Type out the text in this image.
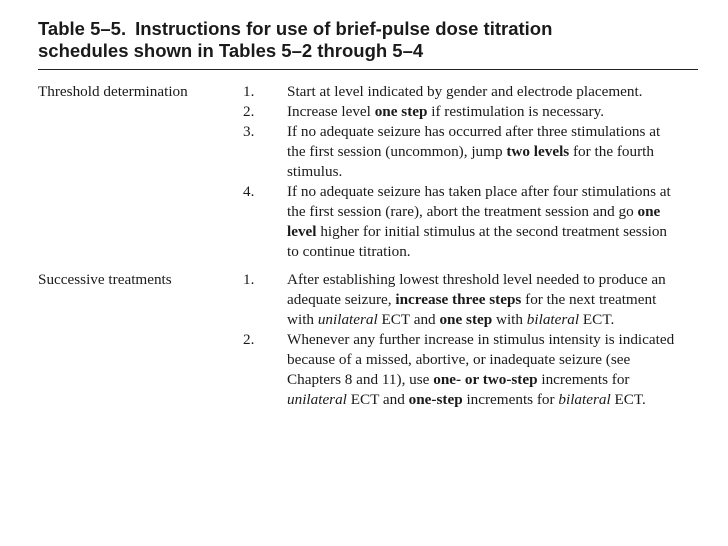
Table 5–5. Instructions for use of brief-pulse dose titration
schedules shown in Tables 5–2 through 5–4
Threshold determination	1.	Start at level indicated by gender and electrode placement.
2.	Increase level one step if restimulation is necessary.
3.	If no adequate seizure has occurred after three stimulations at the first session (uncommon), jump two levels for the fourth stimulus.
4.	If no adequate seizure has taken place after four stimulations at the first session (rare), abort the treatment session and go one level higher for initial stimulus at the second treatment session to continue titration.
Successive treatments	1.	After establishing lowest threshold level needed to produce an adequate seizure, increase three steps for the next treatment with unilateral ECT and one step with bilateral ECT.
2.	Whenever any further increase in stimulus intensity is indicated because of a missed, abortive, or inadequate seizure (see Chapters 8 and 11), use one- or two-step increments for unilateral ECT and one-step increments for bilateral ECT.
